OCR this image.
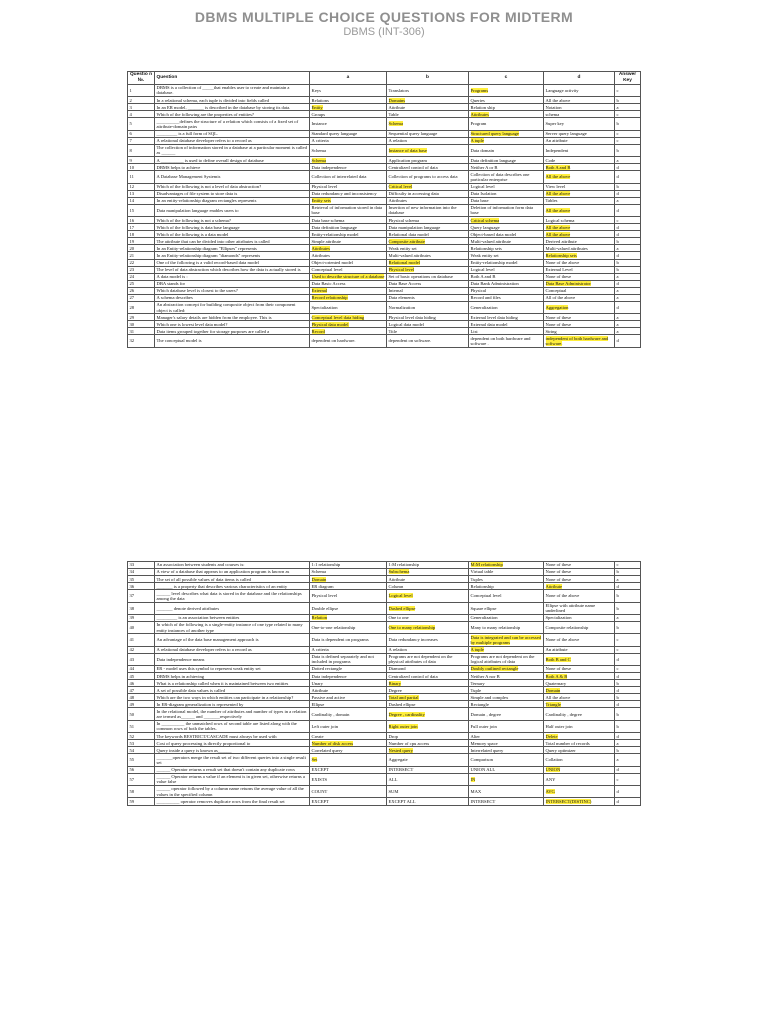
DBMS MULTIPLE CHOICE QUESTIONS FOR MIDTERM
DBMS (INT-306)
Questio n №.	Question	a	b	c	d	Answer Key
1	DBMS is a collection of _____that enables user to create and maintain a database.	Keys	Translators	Programs	Language activity	c
2	In a relational schema, each tuple is divided into fields called	Relations	Domains	Queries	All the above	b
3	In an ER model, _______ is described in the database by storing its data.	Entity	Attribute	Relation ship	Notation	a
4	Which of the following are the properties of entities?	Groups	Table	Attributes	schema	c
5	__________defines the structure of a relation which consists of a fixed set of attribute-domain pairs	Instance	Schema	Program	Super key	b
6	_________ is a full form of SQL.	Standard query language	Sequential query language	Structured query language	Server query language	c
7	A relational database developer refers to a record as	A criteria	A relation	A tuple	An attribute	c
8	The collection of information stored in a database at a particular moment is called as ______	Schema	Instance of data base	Data domain	Independent	b
9	A __________ is used to define overall design of database	Schema	Application program	Data definition language	Code	a
10	DBMS helps to achieve	Data independence	Centralized control of data	Neither A or B	Both A and B	d
11	A Database Management Systemis	Collection of interrelated data	Collection of programs to access data	Collection of data describes one particular enterprise	All the above	d
12	Which of the following is not a level of data abstraction?	Physical level	Critical level	Logical level	View level	b
13	Disadvantages of file system to store data is	Data redundancy and inconsistency	Difficulty in accessing data	Data Isolation	All the above	d
14	In an entity-relationship diagram rectangles represents	Entity sets	Attributes	Data base	Tables	a
15	Data manipulation language enables users to	Retrieval of information stored in data base	Insertion of new information into the database	Deletion of information form data base	All the above	d
16	Which of the following is not a schema?	Data base schema	Physical schema	Critical schema	Logical schema	c
17	Which of the following is data base language	Data definition language	Data manipulation language	Query language	All the above	d
18	Which of the following is a data model	Entity-relationship model	Relational data model	Object-based data model	All the above	d
19	The attribute that can be divided into other attributes is called	Simple attribute	Composite attribute	Multi-valued attribute	Derived attribute	b
20	In an Entity-relationship diagram "Ellipses" represents	Attributes	Weak entity set	Relationship sets	Multi-valued attributes	a
21	In an Entity-relationship diagram "diamonds" represents	Attributes	Multi-valued attributes	Weak entity set	Relationship sets	d
22	One of the following is a valid record-based data model	Object-oriented model	Relational model	Entity-relationship model	None of the above	b
23	The level of data abstraction which describes how the data is actually stored is	Conceptual level	Physical level	Logical level	External Level	b
24	A data model is :	Used to describe structure of a database	Set of basic operations on database	Both A and B	None of these	a
25	DBA stands for	Data Basic Access	Data Base Access	Data Bank Administration	Data Base Administrator	d
26	Which database level is closest to the users?	External	Internal	Physical	Conceptual	a
27	A schema describes	Record relationship	Data elements	Record and files	All of the above	a
28	An abstraction concept for building composite object from their component object is called:	Specialization	Normalization	Generalization	Aggregation	d
29	Manager's salary details are hidden from the employee. This is	Conceptual level data hiding	Physical level data hiding	External level data hiding	None of these	a
30	Which one is lowest level data model?	Physical data model	Logical data model	External data model	None of these	a
31	Data items grouped together for storage purposes are called a	Record	Title	List	String	a
32	The conceptual model is	dependent on hardware.	dependent on software.	dependent on both hardware and software .	independent of both hardware and software.	d
33	An association between students and courses is:	1:1 relationship	1:M relationship	M:M relationship	None of these	c
34	A view of a database that appears to an application program is known as	Schema	Subschema	Virtual table	None of these	b
35	The set of all possible values of data items is called	Domain	Attribute	Tuples	None of these	a
36	_______ is a property that describes various characteristics of an entity	ER diagram	Column	Relationship	Attribute	d
37	______ level describes what data is stored in the database and the relationships among the data	Physical level	Logical level	Conceptual level	None of the above	b
38	_______ denote derived attributes	Double ellipse	Dashed ellipse	Square ellipse	Ellipse with attribute name underlined	b
39	_________ is an association between entities	Relation	One to one	Generalization	Specialization	a
40	In which of the following is a single-entity instance of one type related to many entity instances of another type	One-to-one relationship	One to many relationship	Many to many relationship	Composite relationship	b
41	An advantage of the data base management approach is	Data is dependent on programs	Data redundancy increases	Data is integrated and can be accessed by multiple programs	None of the above	c
42	A relational database developer refers to a record as	A criteria	A relation	A tuple	An attribute	c
43	Data independence means	Data is defined separately and not included in programs	Programs are not dependent on the physical attributes of data	Programs are not dependent on the logical attributes of data	Both B and C	d
44	ER - model uses this symbol to represent weak entity set	Dotted rectangle	Diamond	Doubly outlined rectangle	None of these	c
45	DBMS helps in achieving	Data independence	Centralized control of data	Neither A nor B	Both A & B	d
46	What is a relationship called when it is maintained between two entities	Unary	Binary	Ternary	Quaternary	b
47	A set of possible data values is called	Attribute	Degree	Tuple	Domain	d
48	Which are the two ways in which entities can participate in a relationship?	Passive and active	Total and partial	Simple and complex	All the above	b
49	In ER-diagram generalization is represented by	Ellipse	Dashed ellipse	Rectangle	Triangle	d
50	In the relational model, the number of attributes and number of types in a relation are termed as______ and _______respectively	Cardinality , domain	Degree , cardinality	Domain , degree	Cardinality , degree	b
51	In __________ the unmatched rows of second table are listed along with the common rows of both the tables.	Left outer join	Right outer join	Full outer join	Half outer join	b
52	The keywords RESTRICT/CASCADE must always be used with	Create	Drop	Alter	Delete	d
53	Cost of query processing is directly proportional to	Number of disk access	Number of cpu access	Memory space	Total number of records	a
54	Query inside a query is known as______	Correlated query	Nested query	Interrelated query	Query optimizer	b
55	_______operators merge the result set of two different queries into a single result set	Set	Aggregate	Comparison	Collation	a
56	______ Operator returns a result set that doesn't contain any duplicate rows	EXCEPT	INTERSECT	UNION ALL	UNION	d
57	______ Operator returns a value if an element is in given set, otherwise returns a value false	EXISTS	ALL	IN	ANY	c
58	______ operator followed by a column name returns the average value of all the values in the specified column	COUNT	SUM	MAX	AVG	d
59	__________ operator removes duplicate rows from the final result set	EXCEPT	EXCEPT ALL	INTERSECT	INTERSECT(DISTINC)	d
